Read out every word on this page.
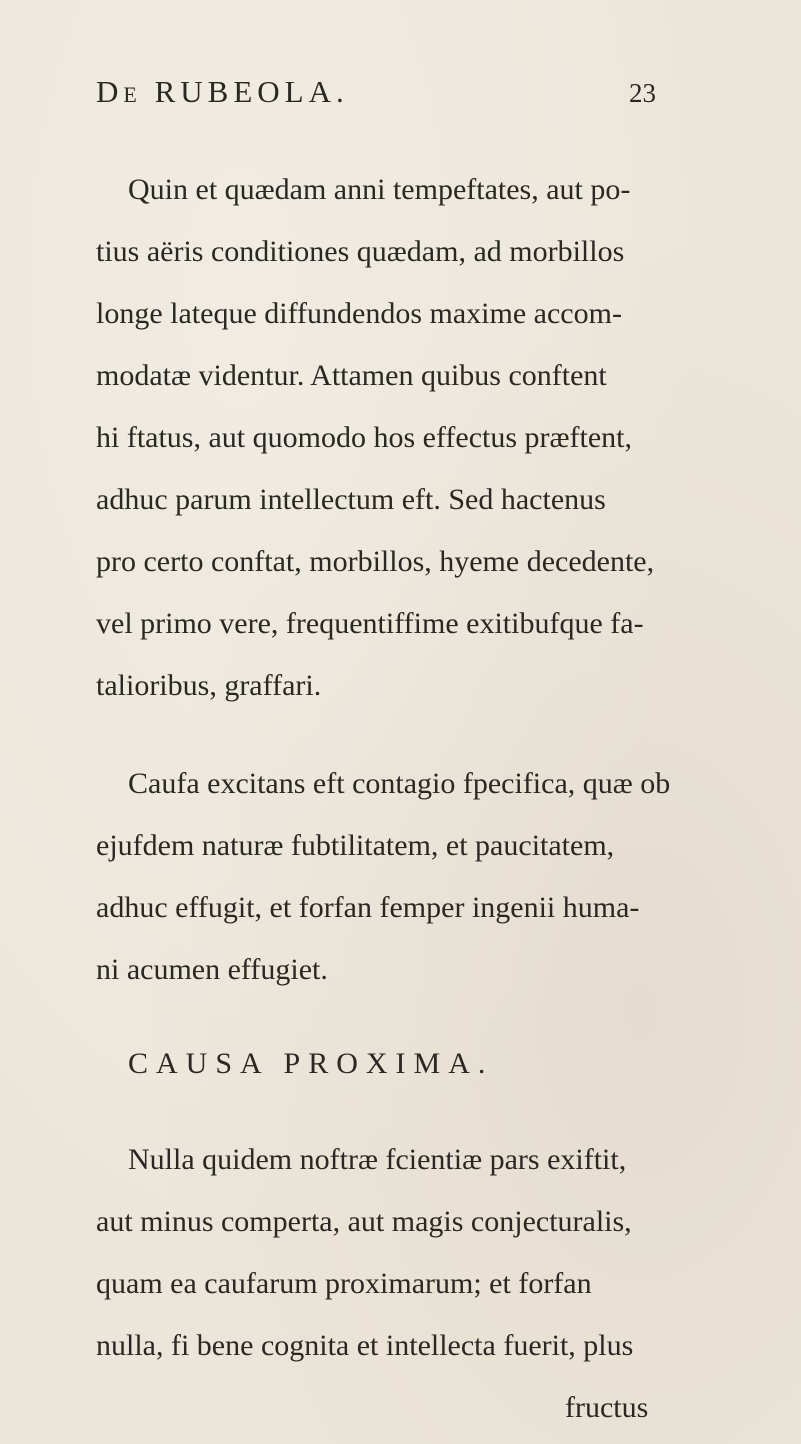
De RUBEOLA.	23
Quin et quædam anni tempeftates, aut po-
tius aëris conditiones quædam, ad morbillos
longe lateque diffundendos maxime accom-
modatæ videntur. Attamen quibus conftent
hi ftatus, aut quomodo hos effectus præftent,
adhuc parum intellectum eft. Sed hactenus
pro certo conftat, morbillos, hyeme decedente,
vel primo vere, frequentiffime exitibufque fa-
talioribus, graffari.
Caufa excitans eft contagio fpecifica, quæ ob
ejufdem naturæ fubtilitatem, et paucitatem,
adhuc effugit, et forfan femper ingenii huma-
ni acumen effugiet.
CAUSA PROXIMA.
Nulla quidem noftræ fcientiæ pars exiftit,
aut minus comperta, aut magis conjecturalis,
quam ea caufarum proximarum; et forfan
nulla, fi bene cognita et intellecta fuerit, plus
fructus
